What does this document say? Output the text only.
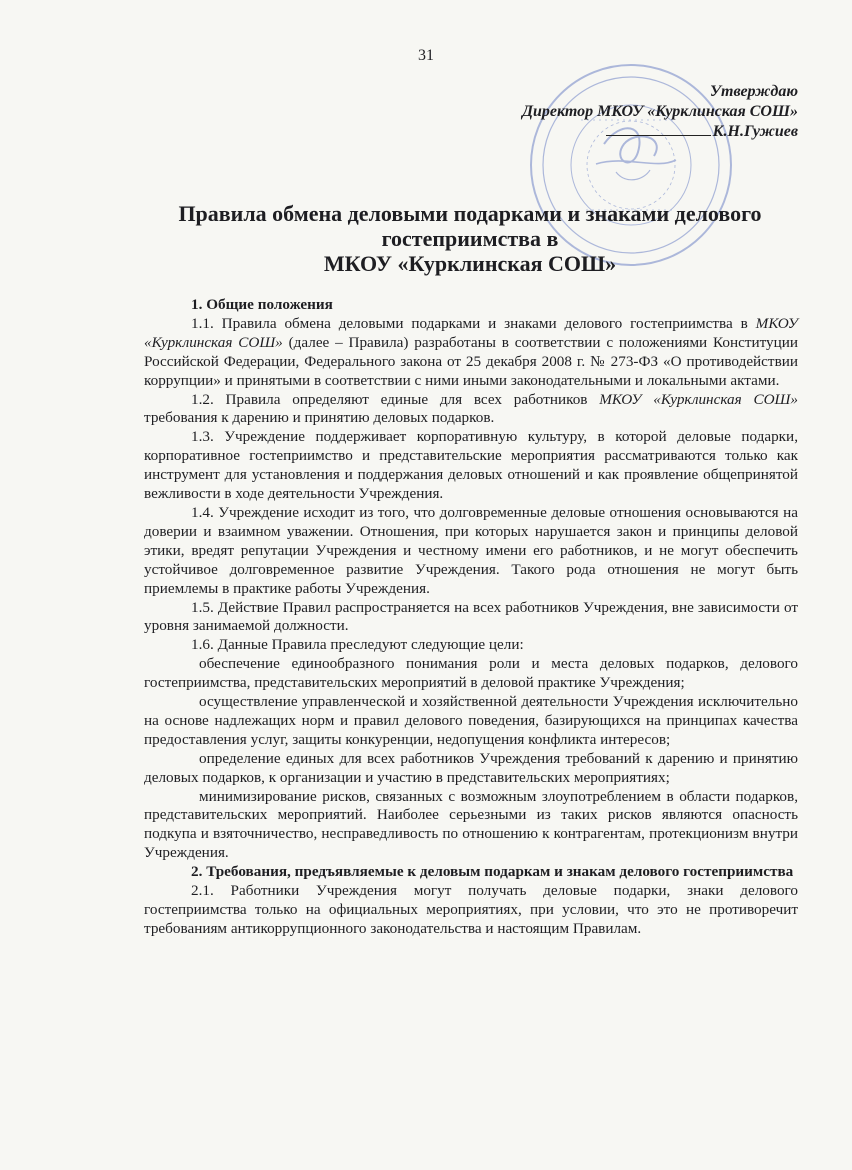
31
Утверждаю
Директор МКОУ «Курклинская СОШ»
К.Н.Гужиев
Правила обмена деловыми подарками и знаками делового
гостеприимства в
МКОУ «Курклинская СОШ»

1. Общие положения

1.1. Правила обмена деловыми подарками и знаками делового гостеприимства в МКОУ «Курклинская СОШ» (далее – Правила) разработаны в соответствии с положениями Конституции Российской Федерации, Федерального закона от 25 декабря 2008 г. № 273-ФЗ «О противодействии коррупции» и принятыми в соответствии с ними иными законодательными и локальными актами.

1.2. Правила определяют единые для всех работников МКОУ «Курклинская СОШ» требования к дарению и принятию деловых подарков.

1.3. Учреждение поддерживает корпоративную культуру, в которой деловые подарки, корпоративное гостеприимство и представительские мероприятия рассматриваются только как инструмент для установления и поддержания деловых отношений и как проявление общепринятой вежливости в ходе деятельности Учреждения.

1.4. Учреждение исходит из того, что долговременные деловые отношения основываются на доверии и взаимном уважении. Отношения, при которых нарушается закон и принципы деловой этики, вредят репутации Учреждения и честному имени его работников, и не могут обеспечить устойчивое долговременное развитие Учреждения. Такого рода отношения не могут быть приемлемы в практике работы Учреждения.

1.5. Действие Правил распространяется на всех работников Учреждения, вне зависимости от уровня занимаемой должности.

1.6. Данные Правила преследуют следующие цели:

обеспечение единообразного понимания роли и места деловых подарков, делового гостеприимства, представительских мероприятий в деловой практике Учреждения;

осуществление управленческой и хозяйственной деятельности Учреждения исключительно на основе надлежащих норм и правил делового поведения, базирующихся на принципах качества предоставления услуг, защиты конкуренции, недопущения конфликта интересов;

определение единых для всех работников Учреждения требований к дарению и принятию деловых подарков, к организации и участию в представительских мероприятиях;

минимизирование рисков, связанных с возможным злоупотреблением в области подарков, представительских мероприятий. Наиболее серьезными из таких рисков являются опасность подкупа и взяточничество, несправедливость по отношению к контрагентам, протекционизм внутри Учреждения.

2. Требования, предъявляемые к деловым подаркам и знакам делового гостеприимства

2.1. Работники Учреждения могут получать деловые подарки, знаки делового гостеприимства только на официальных мероприятиях, при условии, что это не противоречит требованиям антикоррупционного законодательства и настоящим Правилам.
